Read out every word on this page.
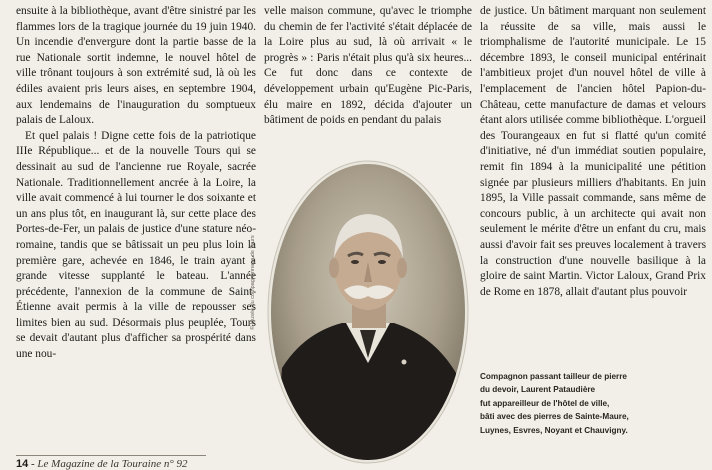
ensuite à la bibliothèque, avant d'être sinistré par les flammes lors de la tragique journée du 19 juin 1940. Un incendie d'envergure dont la partie basse de la rue Nationale sortit indemne, le nouvel hôtel de ville trônant toujours à son extrémité sud, là où les édiles avaient pris leurs aises, en septembre 1904, aux lendemains de l'inauguration du somptueux palais de Laloux.

Et quel palais ! Digne cette fois de la patriotique IIIe République... et de la nouvelle Tours qui se dessinait au sud de l'ancienne rue Royale, sacrée Nationale. Traditionnellement ancrée à la Loire, la ville avait commencé à lui tourner le dos soixante et un ans plus tôt, en inaugurant là, sur cette place des Portes-de-Fer, un palais de justice d'une stature néo-romaine, tandis que se bâtissait un peu plus loin la première gare, achevée en 1846, le train ayant à grande vitesse supplanté le bateau. L'année précédente, l'annexion de la commune de Saint-Étienne avait permis à la ville de repousser ses limites bien au sud. Désormais plus peuplée, Tours se devait d'autant plus d'afficher sa prospérité dans une nou-

velle maison commune, qu'avec le triomphe du chemin de fer l'activité s'était déplacée de la Loire plus au sud, là où arrivait « le progrès » : Paris n'était plus qu'à six heures... Ce fut donc dans ce contexte de développement urbain qu'Eugène Pic-Paris, élu maire en 1892, décida d'ajouter un bâtiment de poids en pendant du palais

© Musée du compagnonnage de Tours

de justice. Un bâtiment marquant non seulement la réussite de sa ville, mais aussi le triomphalisme de l'autorité municipale. Le 15 décembre 1893, le conseil municipal entérinait l'ambitieux projet d'un nouvel hôtel de ville à l'emplacement de l'ancien hôtel Papion-du-Château, cette manufacture de damas et velours étant alors utilisée comme bibliothèque. L'orgueil des Tourangeaux en fut si flatté qu'un comité d'initiative, né d'un immédiat soutien populaire, remit fin 1894 à la municipalité une pétition signée par plusieurs milliers d'habitants. En juin 1895, la Ville passait commande, sans même de concours public, à un architecte qui avait non seulement le mérite d'être un enfant du cru, mais aussi d'avoir fait ses preuves localement à travers la construction d'une nouvelle basilique à la gloire de saint Martin. Victor Laloux, Grand Prix de Rome en 1878, allait d'autant plus pouvoir

Compagnon passant tailleur de pierre
du devoir, Laurent Pataudière
fut appareilleur de l'hôtel de ville,
bâti avec des pierres de Sainte-Maure,
Luynes, Esvres, Noyant et Chauvigny.
14 - Le Magazine de la Touraine n° 92
